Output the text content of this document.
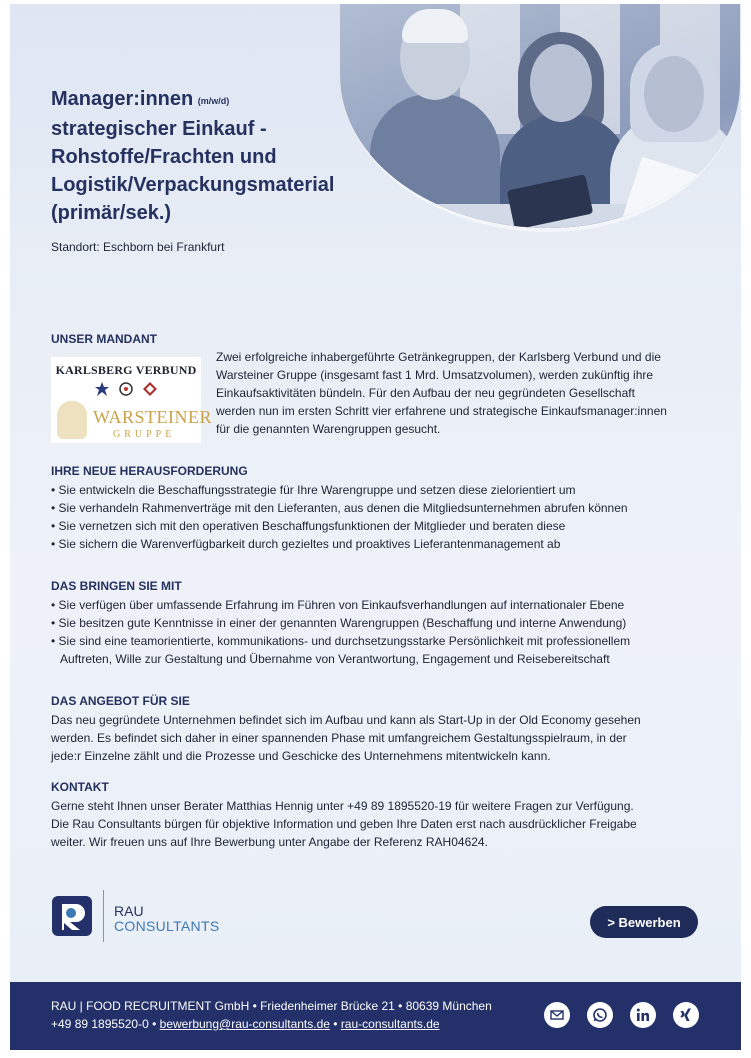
Manager:innen (m/w/d)
strategischer Einkauf -
Rohstoffe/Frachten und
Logistik/Verpackungsmaterial
(primär/sek.)
Standort: Eschborn bei Frankfurt
UNSER MANDANT
KARLSBERG VERBUND
WARSTEINER
GRUPPE
Zwei erfolgreiche inhabergeführte Getränkegruppen, der Karlsberg Verbund und die
Warsteiner Gruppe (insgesamt fast 1 Mrd. Umsatzvolumen), werden zukünftig ihre
Einkaufsaktivitäten bündeln. Für den Aufbau der neu gegründeten Gesellschaft
werden nun im ersten Schritt vier erfahrene und strategische Einkaufsmanager:innen
für die genannten Warengruppen gesucht.
IHRE NEUE HERAUSFORDERUNG
• Sie entwickeln die Beschaffungsstrategie für Ihre Warengruppe und setzen diese zielorientiert um
• Sie verhandeln Rahmenverträge mit den Lieferanten, aus denen die Mitgliedsunternehmen abrufen können
• Sie vernetzen sich mit den operativen Beschaffungsfunktionen der Mitglieder und beraten diese
• Sie sichern die Warenverfügbarkeit durch gezieltes und proaktives Lieferantenmanagement ab
DAS BRINGEN SIE MIT
• Sie verfügen über umfassende Erfahrung im Führen von Einkaufsverhandlungen auf internationaler Ebene
• Sie besitzen gute Kenntnisse in einer der genannten Warengruppen (Beschaffung und interne Anwendung)
• Sie sind eine teamorientierte, kommunikations- und durchsetzungsstarke Persönlichkeit mit professionellem
Auftreten, Wille zur Gestaltung und Übernahme von Verantwortung, Engagement und Reisebereitschaft
DAS ANGEBOT FÜR SIE
Das neu gegründete Unternehmen befindet sich im Aufbau und kann als Start-Up in der Old Economy gesehen
werden. Es befindet sich daher in einer spannenden Phase mit umfangreichem Gestaltungsspielraum, in der
jede:r Einzelne zählt und die Prozesse und Geschicke des Unternehmens mitentwickeln kann.
KONTAKT
Gerne steht Ihnen unser Berater Matthias Hennig unter +49 89 1895520-19 für weitere Fragen zur Verfügung.
Die Rau Consultants bürgen für objektive Information und geben Ihre Daten erst nach ausdrücklicher Freigabe
weiter. Wir freuen uns auf Ihre Bewerbung unter Angabe der Referenz RAH04624.
RAU
CONSULTANTS	> Bewerben
RAU | FOOD RECRUITMENT GmbH • Friedenheimer Brücke 21 • 80639 München
+49 89 1895520-0 • bewerbung@rau-consultants.de • rau-consultants.de
